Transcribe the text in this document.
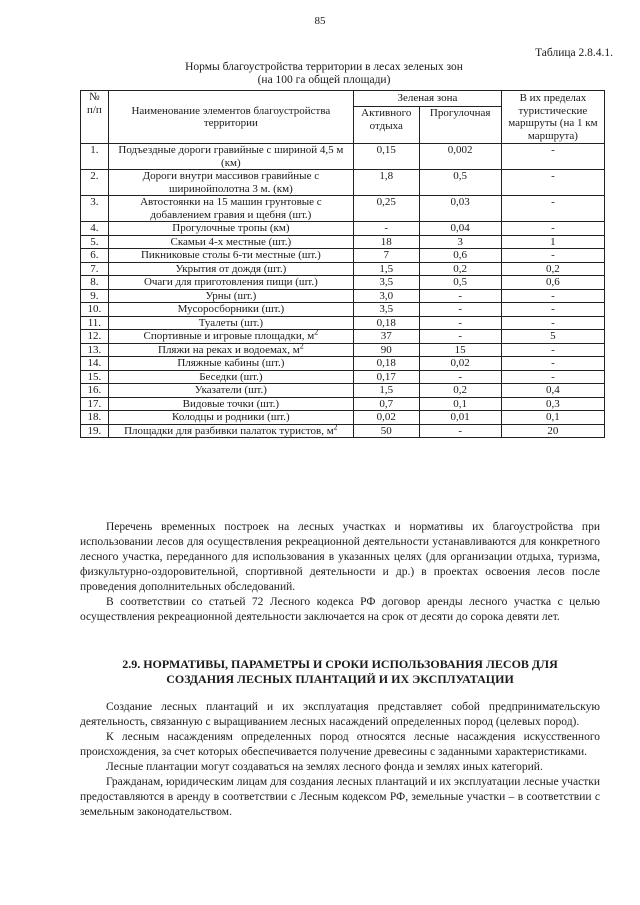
85
Таблица 2.8.4.1.
Нормы благоустройства территории в лесах зеленых зон
(на 100 га общей площади)
№
п/п	Наименование элементов благоустройства территории	Зеленая зона		В их пределах туристические маршруты (на 1 км маршрута)
		Активного отдыха	Прогулочная	
1.	Подъездные дороги гравийные с шириной 4,5 м (км)	0,15	0,002	-
2.	Дороги внутри массивов гравийные с ширинойполотна 3 м. (км)	1,8	0,5	-
3.	Автостоянки на 15 машин грунтовые с добавлением гравия и щебня (шт.)	0,25	0,03	-
4.	Прогулочные тропы (км)	-	0,04	-
5.	Скамьи 4-х местные (шт.)	18	3	1
6.	Пикниковые столы 6-ти местные (шт.)	7	0,6	-
7.	Укрытия от дождя (шт.)	1,5	0,2	0,2
8.	Очаги для приготовления пищи (шт.)	3,5	0,5	0,6
9.	Урны (шт.)	3,0	-	-
10.	Мусоросборники (шт.)	3,5	-	-
11.	Туалеты (шт.)	0,18	-	-
12.	Спортивные и игровые площадки, $м^2$	37	-	5
13.	Пляжи на реках и водоемах, $м^2$	90	15	-
14.	Пляжные кабины (шт.)	0,18	0,02	-
15.	Беседки (шт.)	0,17	-	-
16.	Указатели (шт.)	1,5	0,2	0,4
17.	Видовые точки (шт.)	0,7	0,1	0,3
18.	Колодцы и родники (шт.)	0,02	0,01	0,1
19.	Площадки для разбивки палаток туристов, $м^2$	50	-	20

Перечень временных построек на лесных участках и нормативы их благоустройства при использовании лесов для осуществления рекреационной деятельности устанавливаются для конкретного лесного участка, переданного для использования в указанных целях (для организации отдыха, туризма, физкультурно-оздоровительной, спортивной деятельности и др.) в проектах освоения лесов после проведения дополнительных обследований.

В соответствии со статьей 72 Лесного кодекса РФ договор аренды лесного участка с целью осуществления рекреационной деятельности заключается на срок от десяти до сорока девяти лет.

2.9. НОРМАТИВЫ, ПАРАМЕТРЫ И СРОКИ ИСПОЛЬЗОВАНИЯ ЛЕСОВ ДЛЯ
СОЗДАНИЯ ЛЕСНЫХ ПЛАНТАЦИЙ И ИХ ЭКСПЛУАТАЦИИ

Создание лесных плантаций и их эксплуатация представляет собой предпринимательскую деятельность, связанную с выращиванием лесных насаждений определенных пород (целевых пород).

К лесным насаждениям определенных пород относятся лесные насаждения искусственного происхождения, за счет которых обеспечивается получение древесины с заданными характеристиками.

Лесные плантации могут создаваться на землях лесного фонда и землях иных категорий.

Гражданам, юридическим лицам для создания лесных плантаций и их эксплуатации лесные участки предоставляются в аренду в соответствии с Лесным кодексом РФ, земельные участки – в соответствии с земельным законодательством.
